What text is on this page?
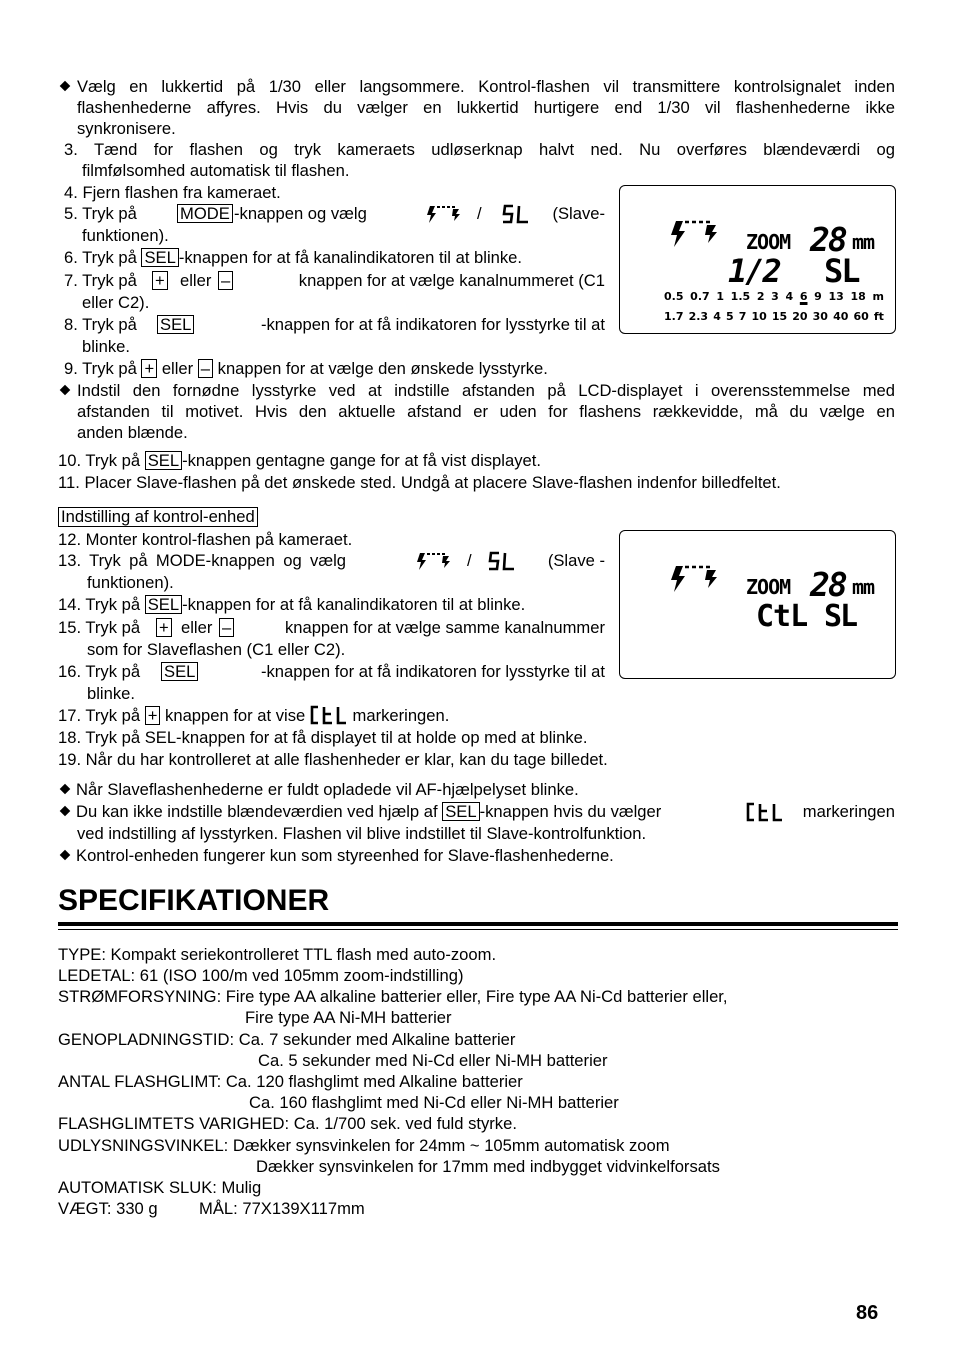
Vælg en lukkertid på 1/30 eller langsommere. Kontrol-flashen vil transmittere kontrolsignalet inden
flashenhederne affyres. Hvis du vælger en lukkertid hurtigere end 1/30 vil flashenhederne ikke
synkronisere.
3. Tænd for flashen og tryk kameraets udløserknap halvt ned. Nu overføres blændeværdi og
filmfølsomhed automatisk til flashen.
4. Fjern flashen fra kameraet.
5. Tryk på	MODE -knappen og vælg	/	(Slave-
funktionen).
6. Tryk på SEL -knappen for at få kanalindikatoren til at blinke.
7. Tryk på + eller –	knappen for at vælge kanalnummeret (C1
eller C2).
8. Tryk på SEL	-knappen for at få indikatoren for lysstyrke til at
blinke.
9. Tryk på + eller – knappen for at vælge den ønskede lysstyrke.
ZOOM 28 mm
1/2 SL
0.5 0.7 1 1.5 2 3 4 6 9 13 18 m
1.7 2.3 4 5 7 10 15 20 30 40 60 ft
Indstil den fornødne lysstyrke ved at indstille afstanden på LCD-displayet i overensstemmelse med
afstanden til motivet. Hvis den aktuelle afstand er uden for flashens rækkevidde, må du vælge en
anden blænde.
10. Tryk på SEL -knappen gentagne gange for at få vist displayet.
11. Placer Slave-flashen på det ønskede sted. Undgå at placere Slave-flashen indenfor billedfeltet.
Indstilling af kontrol-enhed
12. Monter kontrol-flashen på kameraet.
13. Tryk på MODE-knappen og vælg	/	(Slave -
funktionen).
14. Tryk på SEL -knappen for at få kanalindikatoren til at blinke.
15. Tryk på + eller –	knappen for at vælge samme kanalnummer
som for Slaveflashen (C1 eller C2).
16. Tryk på SEL	-knappen for at få indikatoren for lysstyrke til at
blinke.
17. Tryk på + knappen for at vise	markeringen.
18. Tryk på SEL-knappen for at få displayet til at holde op med at blinke.
19. Når du har kontrolleret at alle flashenheder er klar, kan du tage billedet.
ZOOM 28 mm
CtL SL
Når Slaveflashenhederne er fuldt opladede vil AF-hjælpelyset blinke.
Du kan ikke indstille blændeværdien ved hjælp af SEL -knappen hvis du vælger	markeringen
ved indstilling af lysstyrken. Flashen vil blive indstillet til Slave-kontrolfunktion.
Kontrol-enheden fungerer kun som styreenhed for Slave-flashenhederne.
SPECIFIKATIONER
TYPE: Kompakt seriekontrolleret TTL flash med auto-zoom.
LEDETAL: 61 (ISO 100/m ved 105mm zoom-indstilling)
STRØMFORSYNING: Fire type AA alkaline batterier eller, Fire type AA Ni-Cd batterier eller,
Fire type AA Ni-MH batterier
GENOPLADNINGSTID: Ca. 7 sekunder med Alkaline batterier
Ca. 5 sekunder med Ni-Cd eller Ni-MH batterier
ANTAL FLASHGLIMT: Ca. 120 flashglimt med Alkaline batterier
Ca. 160 flashglimt med Ni-Cd eller Ni-MH batterier
FLASHGLIMTETS VARIGHED: Ca. 1/700 sek. ved fuld styrke.
UDLYSNINGSVINKEL: Dækker synsvinkelen for 24mm ~ 105mm automatisk zoom
Dækker synsvinkelen for 17mm med indbygget vidvinkelforsats
AUTOMATISK SLUK: Mulig
VÆGT: 330 g MÅL: 77X139X117mm
86
